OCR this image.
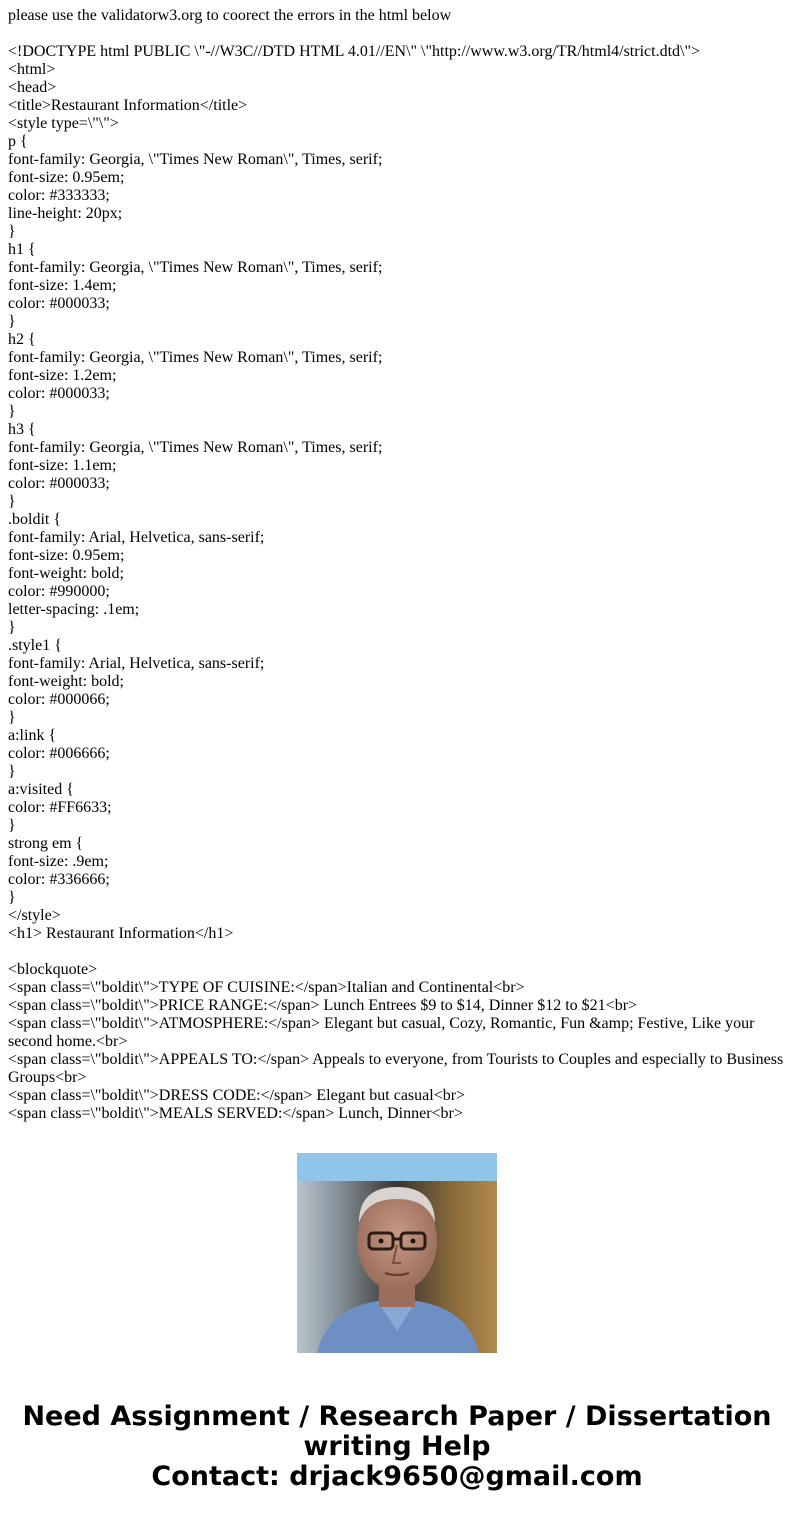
please use the validatorw3.org to coorect the errors in the html below
<!DOCTYPE html PUBLIC \"-//W3C//DTD HTML 4.01//EN\" \"http://www.w3.org/TR/html4/strict.dtd\">
<html>
<head>
<title>Restaurant Information</title>
<style type=\"\">
p {
font-family: Georgia, \"Times New Roman\", Times, serif;
font-size: 0.95em;
color: #333333;
line-height: 20px;
}
h1 {
font-family: Georgia, \"Times New Roman\", Times, serif;
font-size: 1.4em;
color: #000033;
}
h2 {
font-family: Georgia, \"Times New Roman\", Times, serif;
font-size: 1.2em;
color: #000033;
}
h3 {
font-family: Georgia, \"Times New Roman\", Times, serif;
font-size: 1.1em;
color: #000033;
}
.boldit {
font-family: Arial, Helvetica, sans-serif;
font-size: 0.95em;
font-weight: bold;
color: #990000;
letter-spacing: .1em;
}
.style1 {
font-family: Arial, Helvetica, sans-serif;
font-weight: bold;
color: #000066;
}
a:link {
color: #006666;
}
a:visited {
color: #FF6633;
}
strong em {
font-size: .9em;
color: #336666;
}
</style>
<h1> Restaurant Information</h1>
<blockquote>
<span class=\"boldit\">TYPE OF CUISINE:</span>Italian and Continental<br>
<span class=\"boldit\">PRICE RANGE:</span> Lunch Entrees $9 to $14, Dinner $12 to $21<br>
<span class=\"boldit\">ATMOSPHERE:</span> Elegant but casual, Cozy, Romantic, Fun &amp; Festive, Like your second home.<br>
<span class=\"boldit\">APPEALS TO:</span> Appeals to everyone, from Tourists to Couples and especially to Business Groups<br>
<span class=\"boldit\">DRESS CODE:</span> Elegant but casual<br>
<span class=\"boldit\">MEALS SERVED:</span> Lunch, Dinner<br>
Need Assignment / Research Paper / Dissertation
writing Help
Contact: drjack9650@gmail.com
